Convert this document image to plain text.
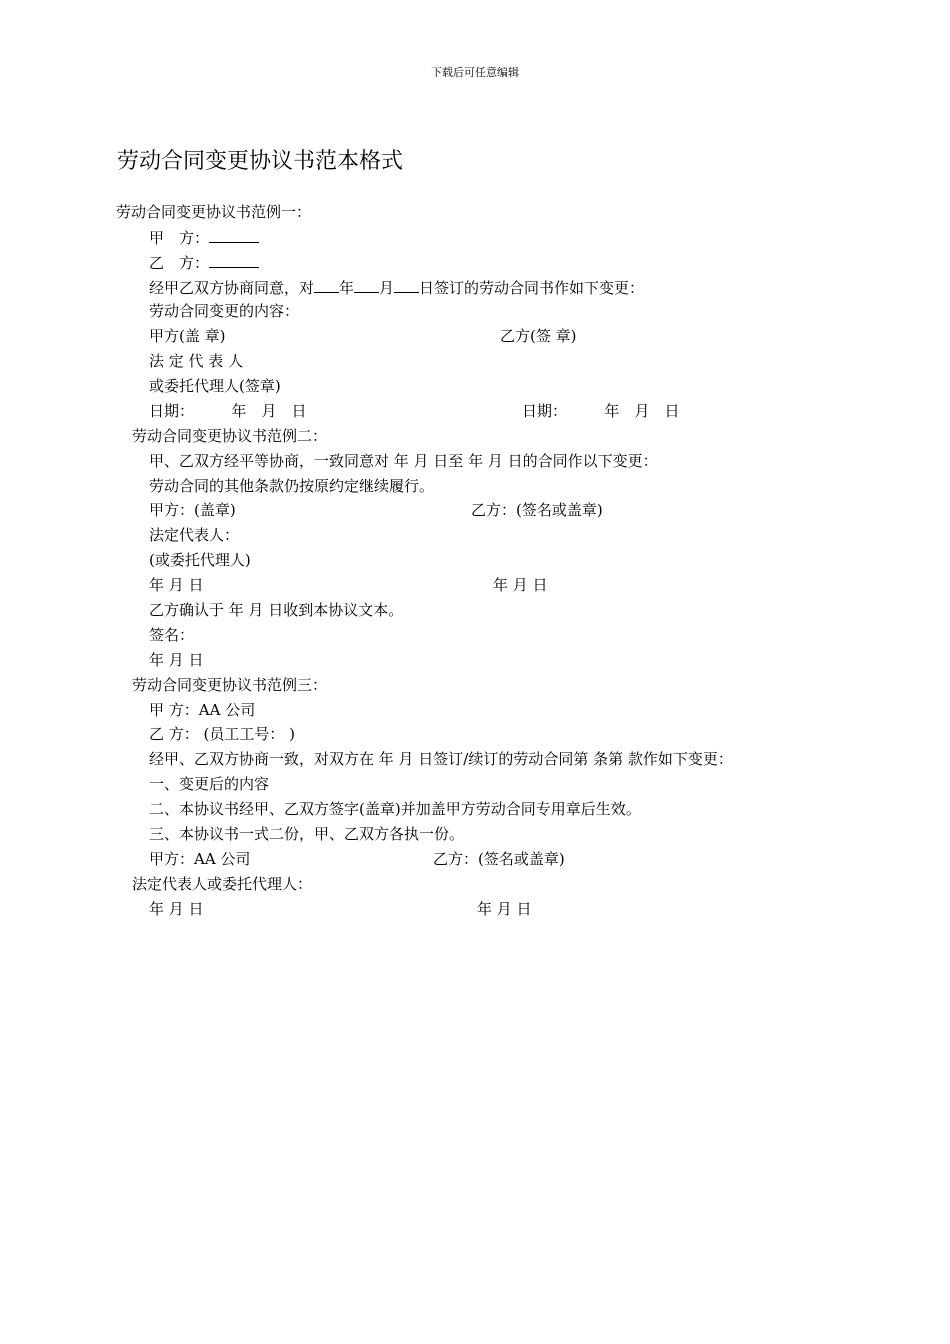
下载后可任意编辑
劳动合同变更协议书范本格式
劳动合同变更协议书范例一：
甲　方：
乙　方：
经甲乙双方协商同意，对 年 月 日签订的劳动合同书作如下变更：
劳动合同变更的内容：
甲方(盖 章)	乙方(签 章)
法 定 代 表 人
或委托代理人(签章)
日期：　　　年　月　日	日期：　　　年　月　日
劳动合同变更协议书范例二：
甲、乙双方经平等协商，一致同意对 年 月 日至 年 月 日的合同作以下变更：
劳动合同的其他条款仍按原约定继续履行。
甲方：(盖章)	乙方：(签名或盖章)
法定代表人：
(或委托代理人)
年 月 日	年 月 日
乙方确认于 年 月 日收到本协议文本。
签名：
年 月 日
劳动合同变更协议书范例三：
甲 方：AA 公司
乙 方： (员工工号： )
经甲、乙双方协商一致，对双方在 年 月 日签订/续订的劳动合同第 条第 款作如下变更：
一、变更后的内容
二、本协议书经甲、乙双方签字(盖章)并加盖甲方劳动合同专用章后生效。
三、本协议书一式二份，甲、乙双方各执一份。
甲方：AA 公司	乙方：(签名或盖章)
法定代表人或委托代理人：
年 月 日	年 月 日
